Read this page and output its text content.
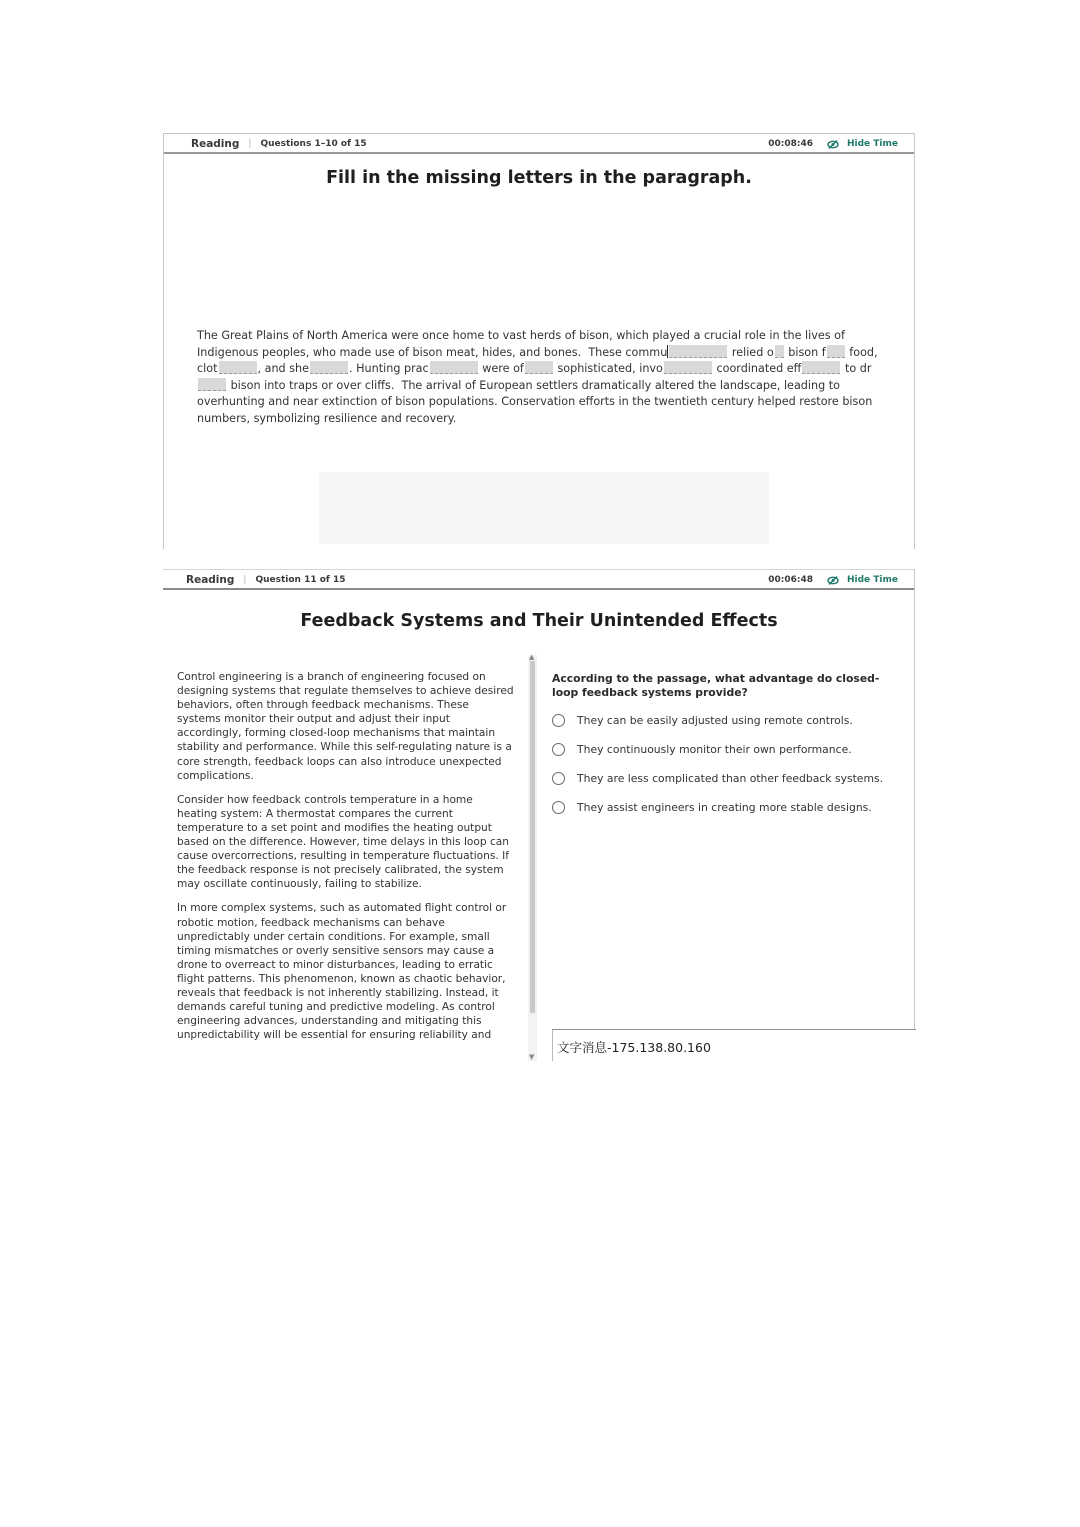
Reading | Questions 1–10 of 15	00:08:46	Hide Time
Fill in the missing letters in the paragraph.
The Great Plains of North America were once home to vast herds of bison, which played a crucial role in the lives of Indigenous peoples, who made use of bison meat, hides, and bones. These commu	relied o bison f food, clot	, and she	. Hunting prac	were of	sophisticated, invo	coordinated eff	to dr bison into traps or over cliffs. The arrival of European settlers dramatically altered the landscape, leading to overhunting and near extinction of bison populations. Conservation efforts in the twentieth century helped restore bison numbers, symbolizing resilience and recovery.
Reading | Question 11 of 15	00:06:48	Hide Time
Feedback Systems and Their Unintended Effects

Control engineering is a branch of engineering focused on designing systems that regulate themselves to achieve desired behaviors, often through feedback mechanisms. These systems monitor their output and adjust their input accordingly, forming closed-loop mechanisms that maintain stability and performance. While this self-regulating nature is a core strength, feedback loops can also introduce unexpected complications.

Consider how feedback controls temperature in a home heating system: A thermostat compares the current temperature to a set point and modifies the heating output based on the difference. However, time delays in this loop can cause overcorrections, resulting in temperature fluctuations. If the feedback response is not precisely calibrated, the system may oscillate continuously, failing to stabilize.

In more complex systems, such as automated flight control or robotic motion, feedback mechanisms can behave unpredictably under certain conditions. For example, small timing mismatches or overly sensitive sensors may cause a drone to overreact to minor disturbances, leading to erratic flight patterns. This phenomenon, known as chaotic behavior, reveals that feedback is not inherently stabilizing. Instead, it demands careful tuning and predictive modeling. As control engineering advances, understanding and mitigating this unpredictability will be essential for ensuring reliability and

▲
▼
According to the passage, what advantage do closed-loop feedback systems provide?
They can be easily adjusted using remote controls.
They continuously monitor their own performance.
They are less complicated than other feedback systems.
They assist engineers in creating more stable designs.
文字消息-175.138.80.160
